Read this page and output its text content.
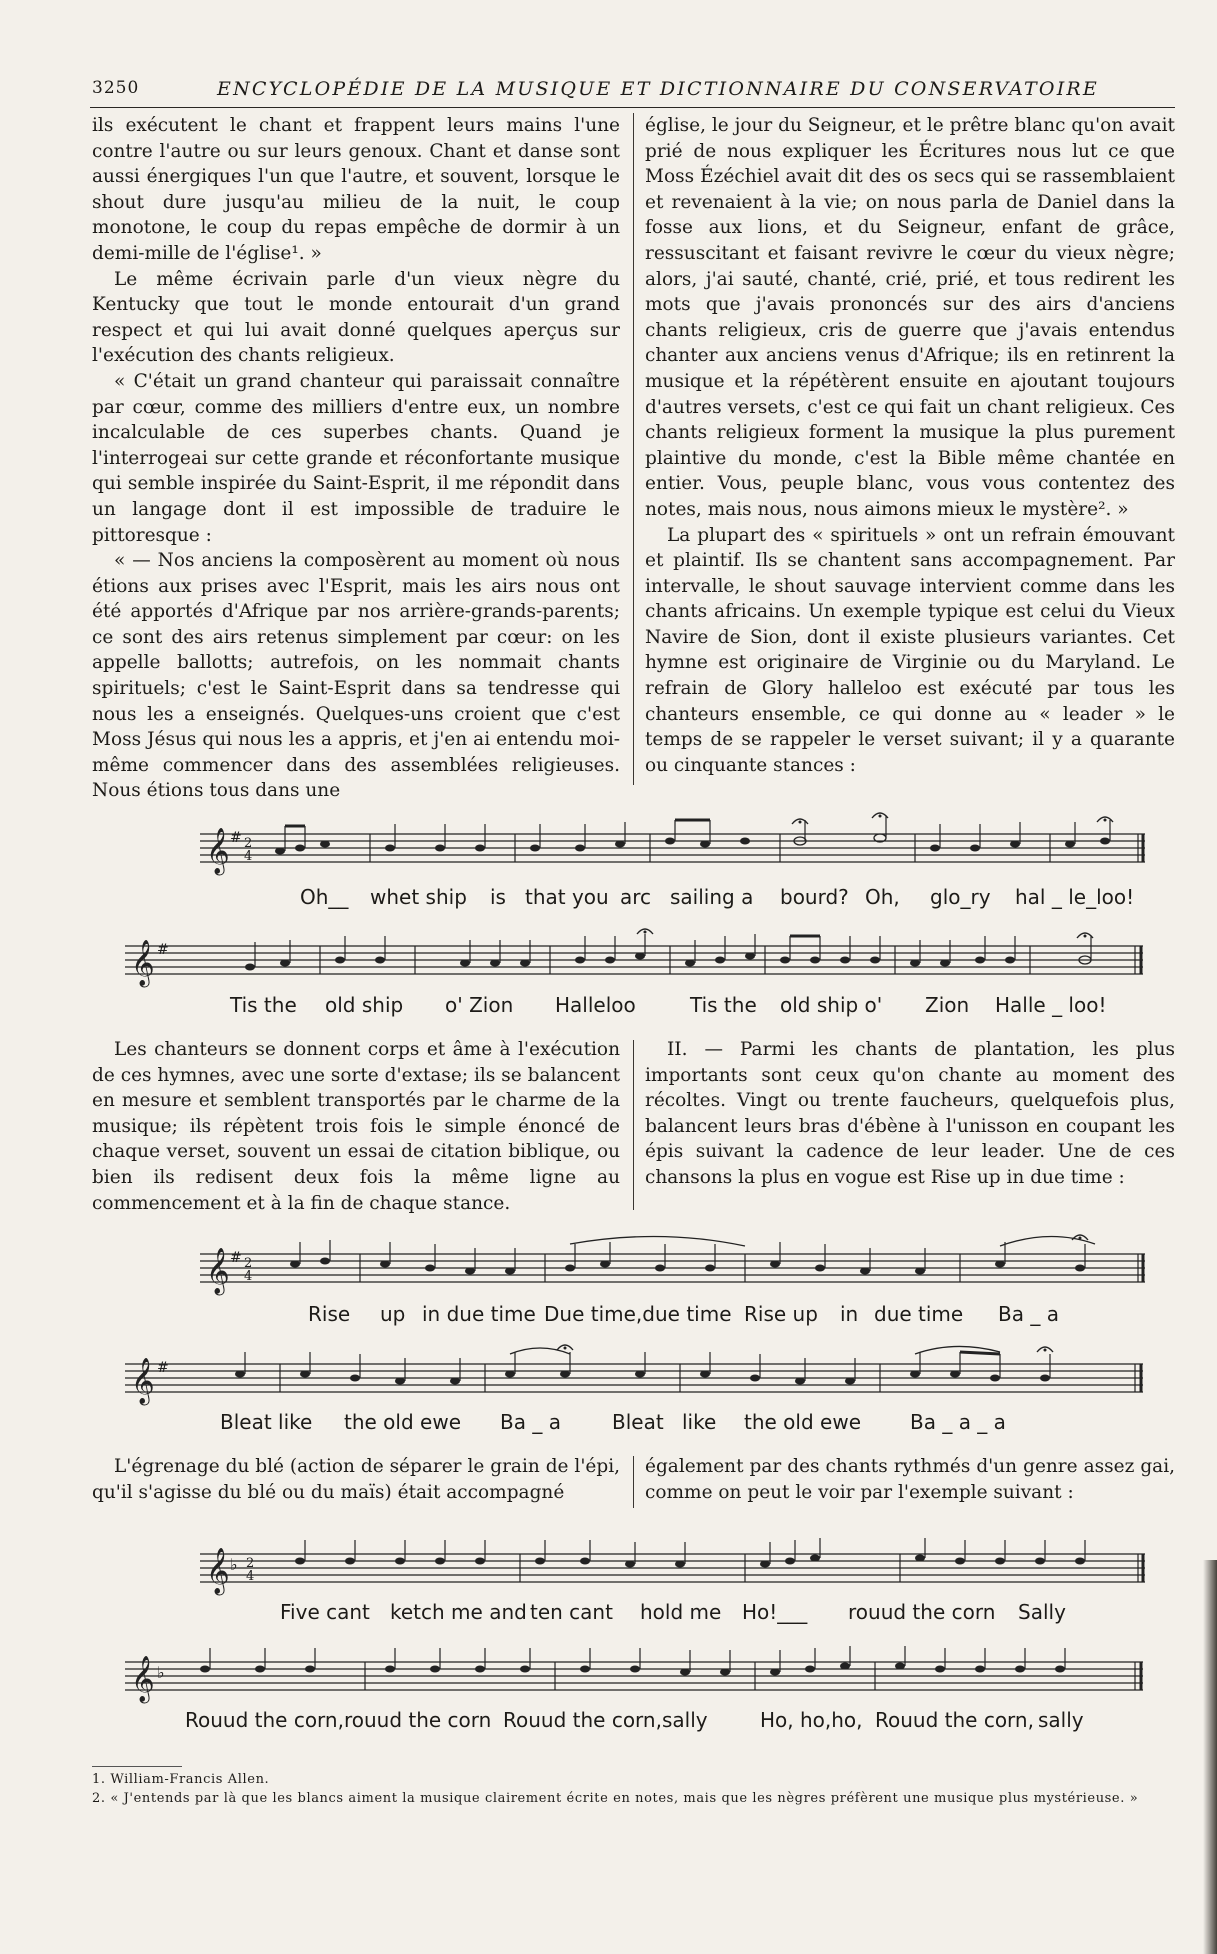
3250	ENCYCLOPÉDIE DE LA MUSIQUE ET DICTIONNAIRE DU CONSERVATOIRE

ils exécutent le chant et frappent leurs mains l'une contre l'autre ou sur leurs genoux. Chant et danse sont aussi énergiques l'un que l'autre, et souvent, lorsque le shout dure jusqu'au milieu de la nuit, le coup monotone, le coup du repas empêche de dormir à un demi-mille de l'église¹. »

Le même écrivain parle d'un vieux nègre du Kentucky que tout le monde entourait d'un grand respect et qui lui avait donné quelques aperçus sur l'exécution des chants religieux.

« C'était un grand chanteur qui paraissait connaître par cœur, comme des milliers d'entre eux, un nombre incalculable de ces superbes chants. Quand je l'interrogeai sur cette grande et réconfortante musique qui semble inspirée du Saint-Esprit, il me répondit dans un langage dont il est impossible de traduire le pittoresque :

« — Nos anciens la composèrent au moment où nous étions aux prises avec l'Esprit, mais les airs nous ont été apportés d'Afrique par nos arrière-grands-parents; ce sont des airs retenus simplement par cœur: on les appelle ballotts; autrefois, on les nommait chants spirituels; c'est le Saint-Esprit dans sa tendresse qui nous les a enseignés. Quelques-uns croient que c'est Moss Jésus qui nous les a appris, et j'en ai entendu moi-même commencer dans des assemblées religieuses. Nous étions tous dans une

église, le jour du Seigneur, et le prêtre blanc qu'on avait prié de nous expliquer les Écritures nous lut ce que Moss Ézéchiel avait dit des os secs qui se rassemblaient et revenaient à la vie; on nous parla de Daniel dans la fosse aux lions, et du Seigneur, enfant de grâce, ressuscitant et faisant revivre le cœur du vieux nègre; alors, j'ai sauté, chanté, crié, prié, et tous redirent les mots que j'avais prononcés sur des airs d'anciens chants religieux, cris de guerre que j'avais entendus chanter aux anciens venus d'Afrique; ils en retinrent la musique et la répétèrent ensuite en ajoutant toujours d'autres versets, c'est ce qui fait un chant religieux. Ces chants religieux forment la musique la plus purement plaintive du monde, c'est la Bible même chantée en entier. Vous, peuple blanc, vous vous contentez des notes, mais nous, nous aimons mieux le mystère². »

La plupart des « spirituels » ont un refrain émouvant et plaintif. Ils se chantent sans accompagnement. Par intervalle, le shout sauvage intervient comme dans les chants africains. Un exemple typique est celui du Vieux Navire de Sion, dont il existe plusieurs variantes. Cet hymne est originaire de Virginie ou du Maryland. Le refrain de Glory halleloo est exécuté par tous les chanteurs ensemble, ce qui donne au « leader » le temps de se rappeler le verset suivant; il y a quarante ou cinquante stances :

𝄞 # 2
4
Oh__ whet ship is that you arc sailing a bourd? Oh, glo_ry hal _ le_loo!
𝄞 #
Tis the old ship o' Zion Halleloo	Tis the old ship o' Zion Halle _ loo!

Les chanteurs se donnent corps et âme à l'exécution de ces hymnes, avec une sorte d'extase; ils se balancent en mesure et semblent transportés par le charme de la musique; ils répètent trois fois le simple énoncé de chaque verset, souvent un essai de citation biblique, ou bien ils redisent deux fois la même ligne au commencement et à la fin de chaque stance.

II. — Parmi les chants de plantation, les plus importants sont ceux qu'on chante au moment des récoltes. Vingt ou trente faucheurs, quelquefois plus, balancent leurs bras d'ébène à l'unisson en coupant les épis suivant la cadence de leur leader. Une de ces chansons la plus en vogue est Rise up in due time :

𝄞 # 2
4
Rise up in due time Due time,due time Rise up in due time Ba _ a
𝄞 #
Bleat like the old ewe Ba _ a	Bleat like the old ewe Ba _ a _ a

L'égrenage du blé (action de séparer le grain de l'épi, qu'il s'agisse du blé ou du maïs) était accompagné

également par des chants rythmés d'un genre assez gai, comme on peut le voir par l'exemple suivant :

𝄞 ♭ 2
4
Five cant ketch me and ten cant hold me Ho!___ rouud the corn Sally
𝄞 ♭
Rouud the corn,rouud the corn Rouud the corn,sally	Ho, ho,ho, Rouud the corn, sally

1. William-Francis Allen.

2. « J'entends par là que les blancs aiment la musique clairement écrite en notes, mais que les nègres préfèrent une musique plus mystérieuse. »
